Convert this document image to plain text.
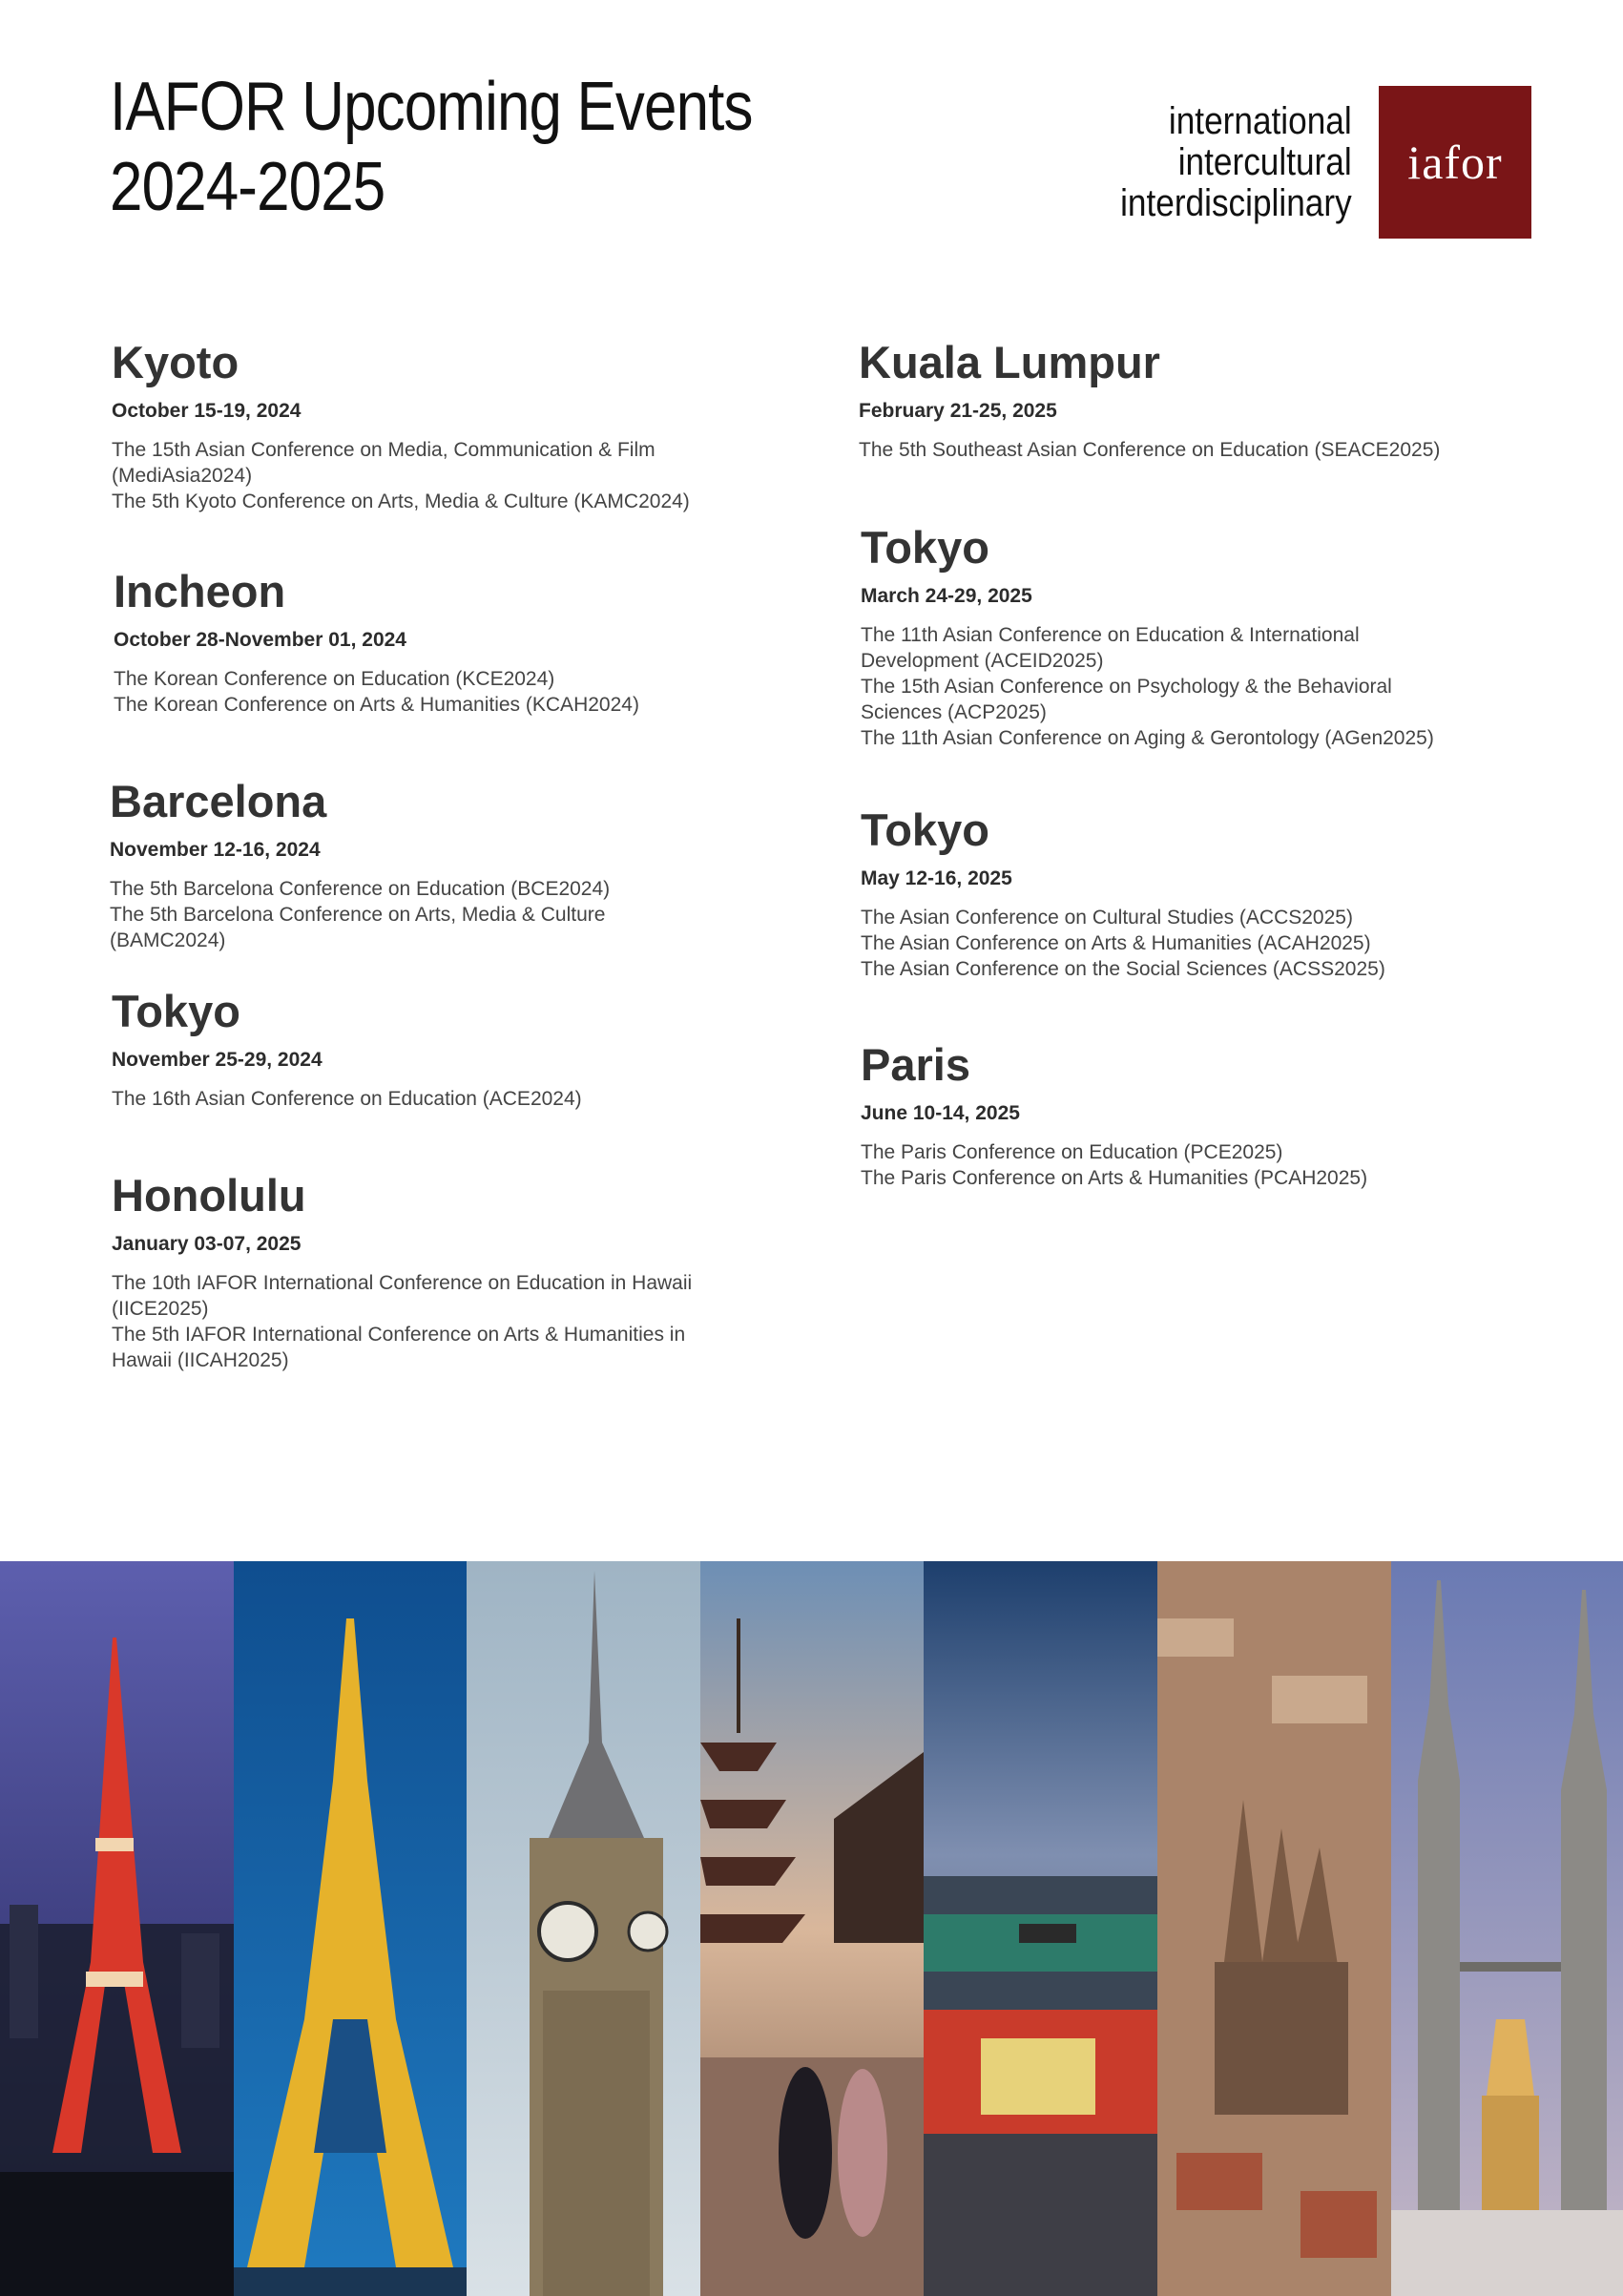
IAFOR Upcoming Events
2024-2025
international
intercultural
interdisciplinary
iafor
Kyoto
October 15-19, 2024
The 15th Asian Conference on Media, Communication & Film (MediAsia2024)
The 5th Kyoto Conference on Arts, Media & Culture (KAMC2024)
Incheon
October 28-November 01, 2024
The Korean Conference on Education (KCE2024)
The Korean Conference on Arts & Humanities (KCAH2024)
Barcelona
November 12-16, 2024
The 5th Barcelona Conference on Education (BCE2024)
The 5th Barcelona Conference on Arts, Media & Culture (BAMC2024)
Tokyo
November 25-29, 2024
The 16th Asian Conference on Education (ACE2024)
Honolulu
January 03-07, 2025
The 10th IAFOR International Conference on Education in Hawaii (IICE2025)
The 5th IAFOR International Conference on Arts & Humanities in Hawaii (IICAH2025)
Kuala Lumpur
February 21-25, 2025
The 5th Southeast Asian Conference on Education (SEACE2025)
Tokyo
March 24-29, 2025
The 11th Asian Conference on Education & International Development (ACEID2025)
The 15th Asian Conference on Psychology & the Behavioral Sciences (ACP2025)
The 11th Asian Conference on Aging & Gerontology (AGen2025)
Tokyo
May 12-16, 2025
The Asian Conference on Cultural Studies (ACCS2025)
The Asian Conference on Arts & Humanities (ACAH2025)
The Asian Conference on the Social Sciences (ACSS2025)
Paris
June 10-14, 2025
The Paris Conference on Education (PCE2025)
The Paris Conference on Arts & Humanities (PCAH2025)
